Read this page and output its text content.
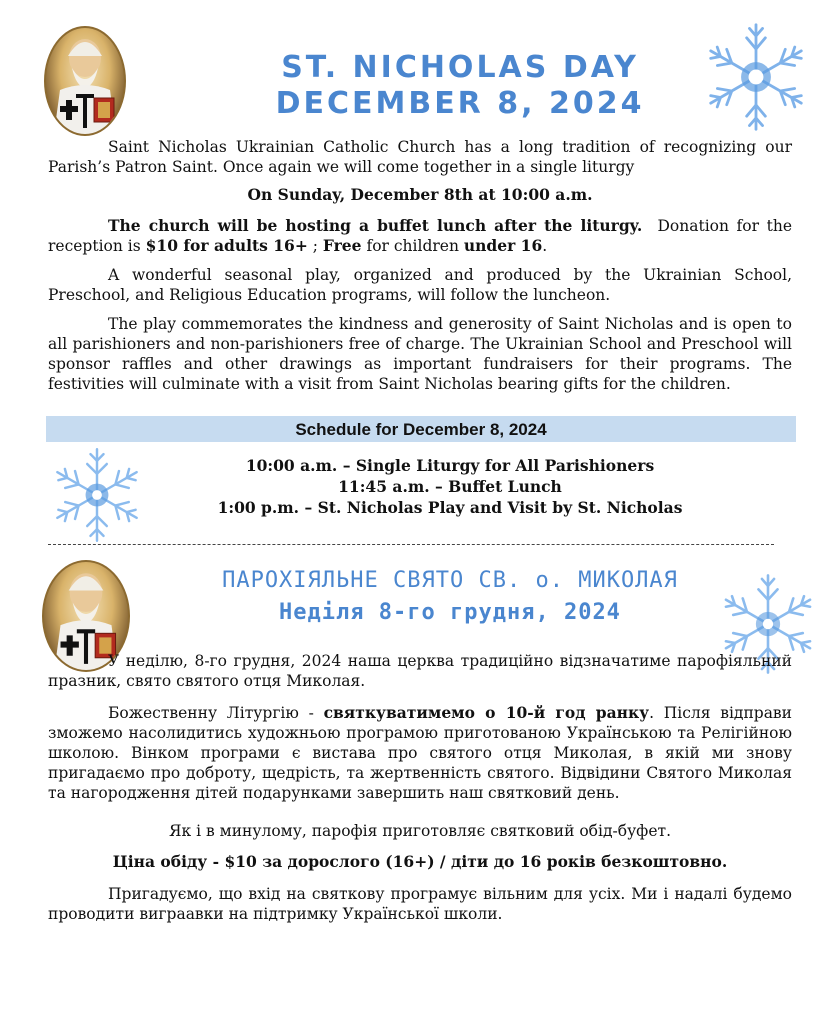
ST. NICHOLAS DAY
DECEMBER 8, 2024
Saint Nicholas Ukrainian Catholic Church has a long tradition of recognizing our Parish’s Patron Saint. Once again we will come together in a single liturgy
On Sunday, December 8th at 10:00 a.m.
The church will be hosting a buffet lunch after the liturgy. Donation for the reception is $10 for adults 16+ ; Free for children under 16.
A wonderful seasonal play, organized and produced by the Ukrainian School, Preschool, and Religious Education programs, will follow the luncheon.
The play commemorates the kindness and generosity of Saint Nicholas and is open to all parishioners and non-parishioners free of charge. The Ukrainian School and Preschool will sponsor raffles and other drawings as important fundraisers for their programs. The festivities will culminate with a visit from Saint Nicholas bearing gifts for the children.
Schedule for December 8, 2024
10:00 a.m. – Single Liturgy for All Parishioners
11:45 a.m. – Buffet Lunch
1:00 p.m. – St. Nicholas Play and Visit by St. Nicholas
ПАРОХІЯЛЬНЕ СВЯТО СВ. о. МИКОЛАЯ
Неділя 8-го грудня, 2024
У неділю, 8-го грудня, 2024 наша церква традиційно відзначатиме парофіяльний празник, свято святого отця Миколая.
Божественну Літургію - святкуватимемо о 10-й год ранку. Після відправи зможемо насолидитись художньою програмою приготованою Українською та Релігійною школою. Вінком програми є вистава про святого отця Миколая, в якій ми знову пригадаємо про доброту, щедрість, та жертвенність святого. Відвідини Святого Миколая та нагородження дітей подарунками завершить наш святковий день.
Як і в минулому, парофія приготовляє святковий обід-буфет.
Ціна обіду - $10 за дорослого (16+) / діти до 16 років безкоштовно.
Пригадуємо, що вхід на святкову програмує вільним для усіх. Ми і надалі будемо проводити виграавки на підтримку Української школи.
